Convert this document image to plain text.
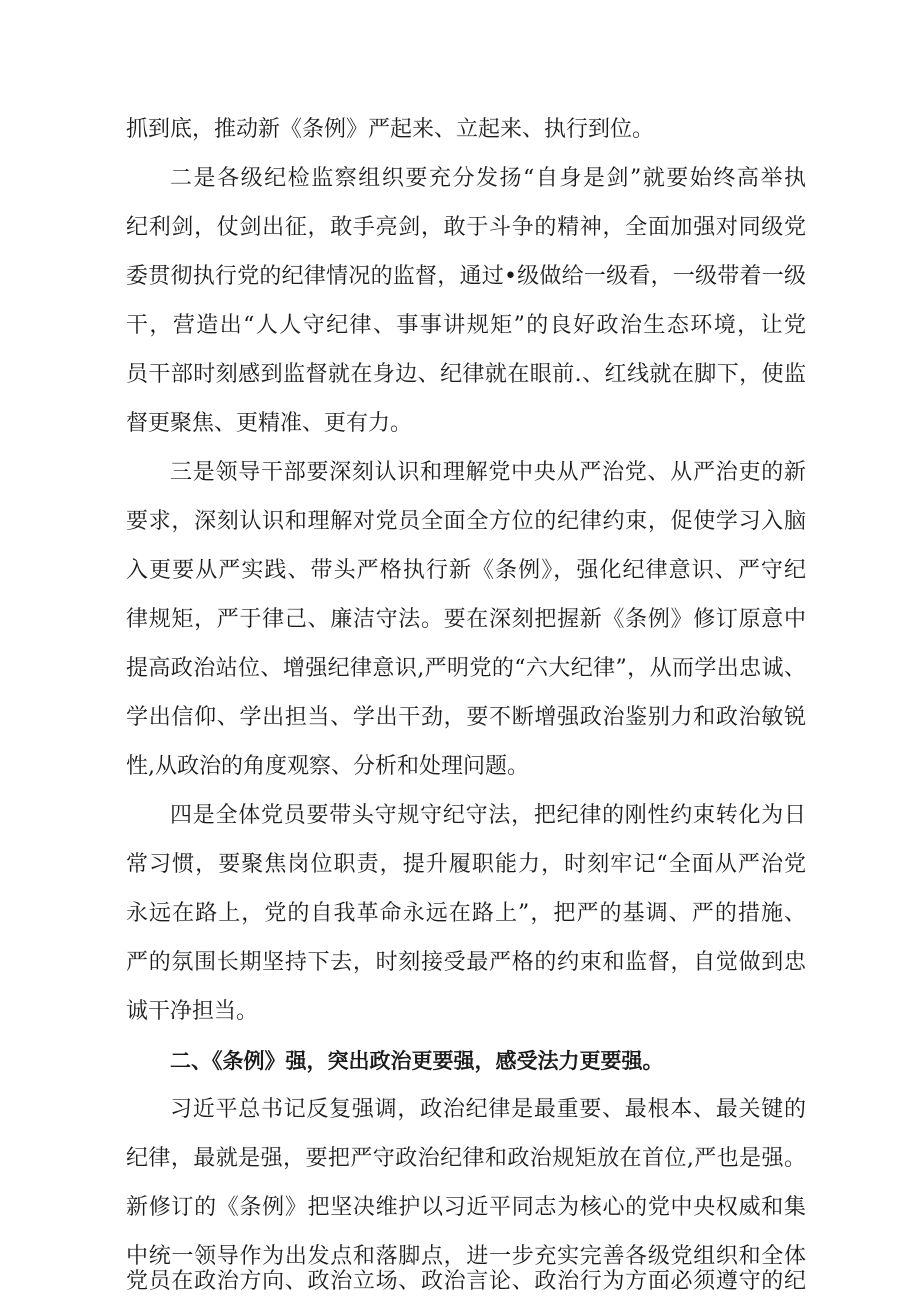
抓到底，推动新《条例》严起来、立起来、执行到位。
二是各级纪检监察组织要充分发扬“自身是剑”就要始终高举执
纪利剑，仗剑出征，敢手亮剑，敢于斗争的精神，全面加强对同级党
委贯彻执行党的纪律情况的监督，通过•级做给一级看，一级带着一级
干，营造出“人人守纪律、事事讲规矩”的良好政治生态环境，让党
员干部时刻感到监督就在身边、纪律就在眼前.、红线就在脚下，使监
督更聚焦、更精准、更有力。
三是领导干部要深刻认识和理解党中央从严治党、从严治吏的新
要求，深刻认识和理解对党员全面全方位的纪律约束，促使学习入脑
入更要从严实践、带头严格执行新《条例》，强化纪律意识、严守纪
律规矩，严于律己、廉洁守法。要在深刻把握新《条例》修订原意中
提高政治站位、增强纪律意识,严明党的“六大纪律”，从而学出忠诚、
学出信仰、学出担当、学出干劲，要不断增强政治鉴别力和政治敏锐
性,从政治的角度观察、分析和处理问题。
四是全体党员要带头守规守纪守法，把纪律的刚性约束转化为日
常习惯，要聚焦岗位职责，提升履职能力，时刻牢记“全面从严治党
永远在路上，党的自我革命永远在路上”，把严的基调、严的措施、
严的氛围长期坚持下去，时刻接受最严格的约束和监督，自觉做到忠
诚干净担当。
二、《条例》强，突出政治更要强，感受法力更要强。
习近平总书记反复强调，政治纪律是最重要、最根本、最关键的
纪律，最就是强，要把严守政治纪律和政治规矩放在首位,严也是强。
新修订的《条例》把坚决维护以习近平同志为核心的党中央权威和集
中统一领导作为出发点和落脚点，进一步充实完善各级党组织和全体
党员在政治方向、政治立场、政治言论、政治行为方面必须遵守的纪
